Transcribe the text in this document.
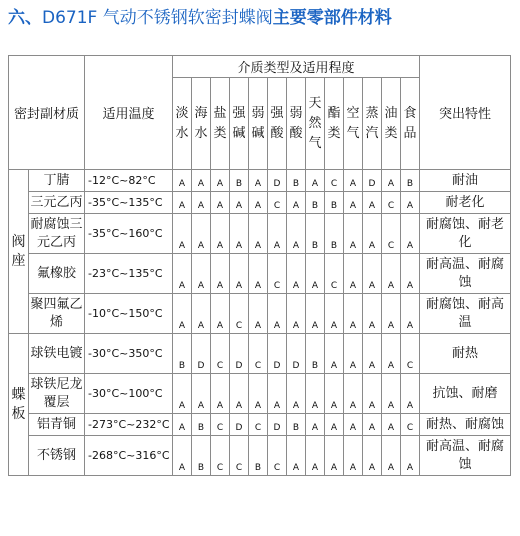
六、D671F 气动不锈钢软密封蝶阀主要零部件材料
密封副材质		适用温度	介质类型及适用程度													突出特性
			淡水	海水	盐类	强碱	弱碱	强酸	弱酸	天然气	酯类	空气	蒸汽	油类	食品	
阀座	丁腈	-12°C~82°C	A	A	A	B	A	D	B	A	C	A	D	A	B	耐油
	三元乙丙	-35°C~135°C	A	A	A	A	A	C	A	B	B	A	A	C	A	耐老化
	耐腐蚀三元乙丙	-35°C~160°C	A	A	A	A	A	A	A	B	B	A	A	C	A	耐腐蚀、耐老化
	氟橡胶	-23°C~135°C	A	A	A	A	A	C	A	A	C	A	A	A	A	耐高温、耐腐蚀
	聚四氟乙烯	-10°C~150°C	A	A	A	C	A	A	A	A	A	A	A	A	A	耐腐蚀、耐高温
蝶板	球铁电镀	-30°C~350°C	B	D	C	D	C	D	D	B	A	A	A	A	C	耐热
	球铁尼龙覆层	-30°C~100°C	A	A	A	A	A	A	A	A	A	A	A	A	A	抗蚀、耐磨
	铝青铜	-273°C~232°C	A	B	C	D	C	D	B	A	A	A	A	A	C	耐热、耐腐蚀
	不锈钢	-268°C~316°C	A	B	C	C	B	C	A	A	A	A	A	A	A	耐高温、耐腐蚀
